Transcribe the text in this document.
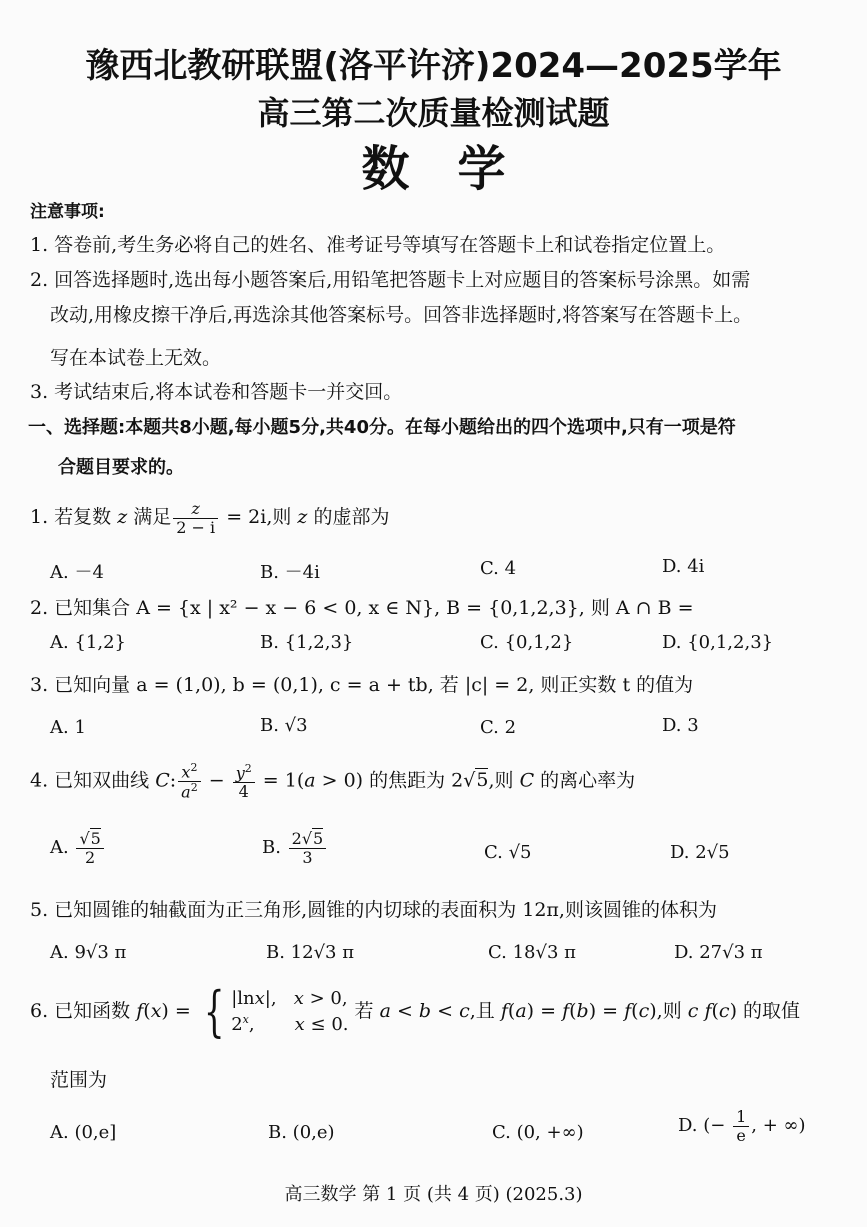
豫西北教研联盟(洛平许济)2024—2025学年
高三第二次质量检测试题
数学
注意事项:
1. 答卷前,考生务必将自己的姓名、准考证号等填写在答题卡上和试卷指定位置上。
2. 回答选择题时,选出每小题答案后,用铅笔把答题卡上对应题目的答案标号涂黑。如需
改动,用橡皮擦干净后,再选涂其他答案标号。回答非选择题时,将答案写在答题卡上。
写在本试卷上无效。
3. 考试结束后,将本试卷和答题卡一并交回。
一、选择题:本题共8小题,每小题5分,共40分。在每小题给出的四个选项中,只有一项是符
合题目要求的。
1. 若复数 z 满足 $\frac{z}{2 - i} = 2i$,则 z 的虚部为
A. －4	B. －4i	C. 4	D. 4i
2. 已知集合 A = {x | x² − x − 6 < 0, x ∈ N}, B = {0,1,2,3}, 则 A ∩ B =
A. {1,2}	B. {1,2,3}	C. {0,1,2}	D. {0,1,2,3}
3. 已知向量 a = (1,0), b = (0,1), c = a + tb, 若 |c| = 2, 则正实数 t 的值为
A. 1	B. √3	C. 2	D. 3
4. 已知双曲线 C: $\frac{x^2}{a^2} - \frac{y^2}{4} = 1(a > 0)$ 的焦距为 2√5,则 C 的离心率为
A. $\frac{√5}{2}$	B. $\frac{2√5}{3}$	C. √5	D. 2√5
5. 已知圆锥的轴截面为正三角形,圆锥的内切球的表面积为 12π,则该圆锥的体积为
A. 9√3 π	B. 12√3 π	C. 18√3 π	D. 27√3 π
6. 已知函数 f(x) = { |lnx|,   x > 0,
2$^x$,       x ≤ 0. 若 a < b < c,且 f(a) = f(b) = f(c),则 c f(c) 的取值
范围为
A. (0,e]	B. (0,e)	C. (0, +∞)	D. (− $\frac{1}{e}$ , + ∞)
高三数学 第 1 页 (共 4 页) (2025.3)
